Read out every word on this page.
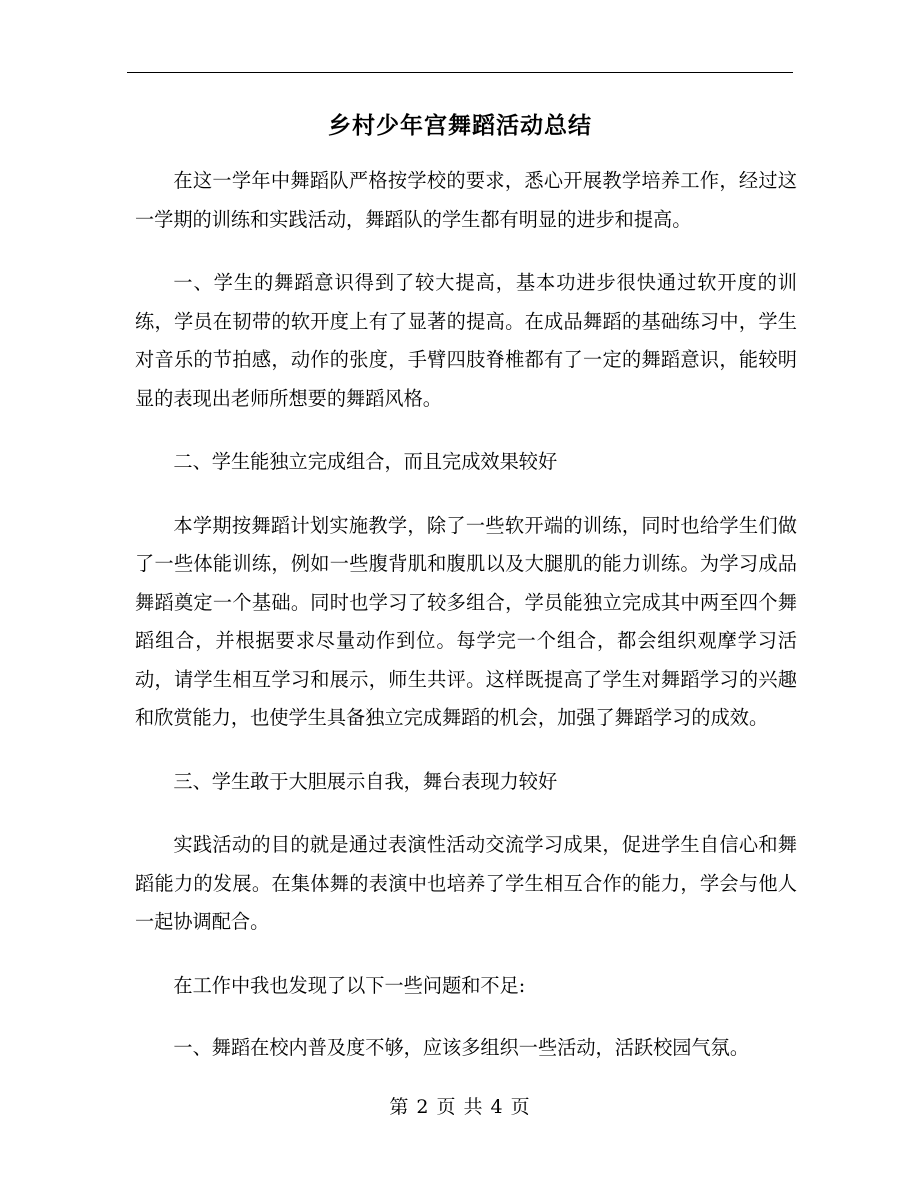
乡村少年宫舞蹈活动总结

在这一学年中舞蹈队严格按学校的要求，悉心开展教学培养工作，经过这一学期的训练和实践活动，舞蹈队的学生都有明显的进步和提高。

一、学生的舞蹈意识得到了较大提高，基本功进步很快通过软开度的训练，学员在韧带的软开度上有了显著的提高。在成品舞蹈的基础练习中，学生对音乐的节拍感，动作的张度，手臂四肢脊椎都有了一定的舞蹈意识，能较明显的表现出老师所想要的舞蹈风格。

二、学生能独立完成组合，而且完成效果较好

本学期按舞蹈计划实施教学，除了一些软开端的训练，同时也给学生们做了一些体能训练，例如一些腹背肌和腹肌以及大腿肌的能力训练。为学习成品舞蹈奠定一个基础。同时也学习了较多组合，学员能独立完成其中两至四个舞蹈组合，并根据要求尽量动作到位。每学完一个组合，都会组织观摩学习活动，请学生相互学习和展示，师生共评。这样既提高了学生对舞蹈学习的兴趣和欣赏能力，也使学生具备独立完成舞蹈的机会，加强了舞蹈学习的成效。

三、学生敢于大胆展示自我，舞台表现力较好

实践活动的目的就是通过表演性活动交流学习成果，促进学生自信心和舞蹈能力的发展。在集体舞的表演中也培养了学生相互合作的能力，学会与他人一起协调配合。

在工作中我也发现了以下一些问题和不足:

一、舞蹈在校内普及度不够，应该多组织一些活动，活跃校园气氛。

第 2 页 共 4 页
